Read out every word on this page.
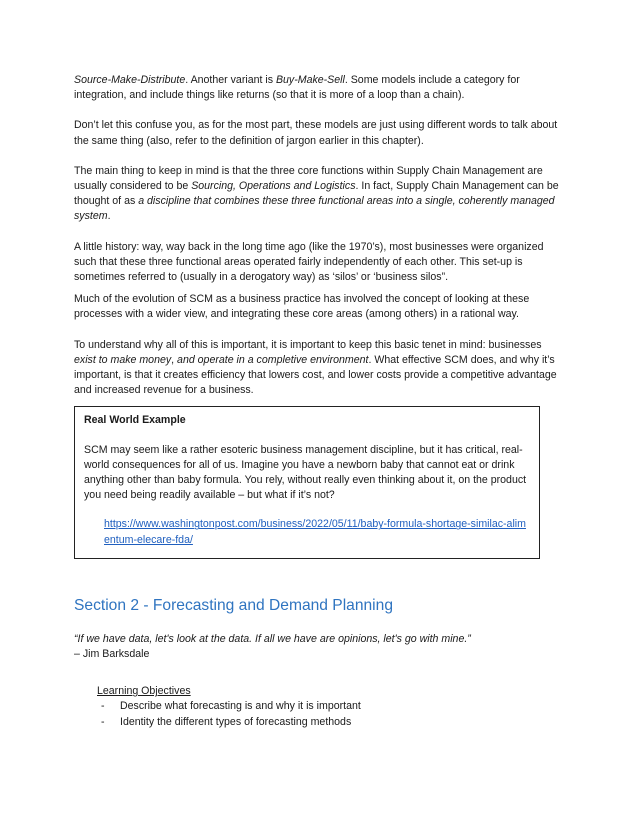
Source-Make-Distribute. Another variant is Buy-Make-Sell. Some models include a category for integration, and include things like returns (so that it is more of a loop than a chain).

Don’t let this confuse you, as for the most part, these models are just using different words to talk about the same thing (also, refer to the definition of jargon earlier in this chapter).

The main thing to keep in mind is that the three core functions within Supply Chain Management are usually considered to be Sourcing, Operations and Logistics. In fact, Supply Chain Management can be thought of as a discipline that combines these three functional areas into a single, coherently managed system.

A little history: way, way back in the long time ago (like the 1970’s), most businesses were organized such that these three functional areas operated fairly independently of each other. This set-up is sometimes referred to (usually in a derogatory way) as ‘silos’ or ‘business silos”.

Much of the evolution of SCM as a business practice has involved the concept of looking at these processes with a wider view, and integrating these core areas (among others) in a rational way.

To understand why all of this is important, it is important to keep this basic tenet in mind: businesses exist to make money, and operate in a completive environment. What effective SCM does, and why it’s important, is that it creates efficiency that lowers cost, and lower costs provide a competitive advantage and increased revenue for a business.

Real World Example

SCM may seem like a rather esoteric business management discipline, but it has critical, real-world consequences for all of us. Imagine you have a newborn baby that cannot eat or drink anything other than baby formula. You rely, without really even thinking about it, on the product you need being readily available – but what if it’s not?

https://www.washingtonpost.com/business/2022/05/11/baby-formula-shortage-similac-alimentum-elecare-fda/
Section 2 - Forecasting and Demand Planning

“If we have data, let's look at the data. If all we have are opinions, let's go with mine.”

– Jim Barksdale

Learning Objectives

-	Describe what forecasting is and why it is important
-	Identity the different types of forecasting methods
